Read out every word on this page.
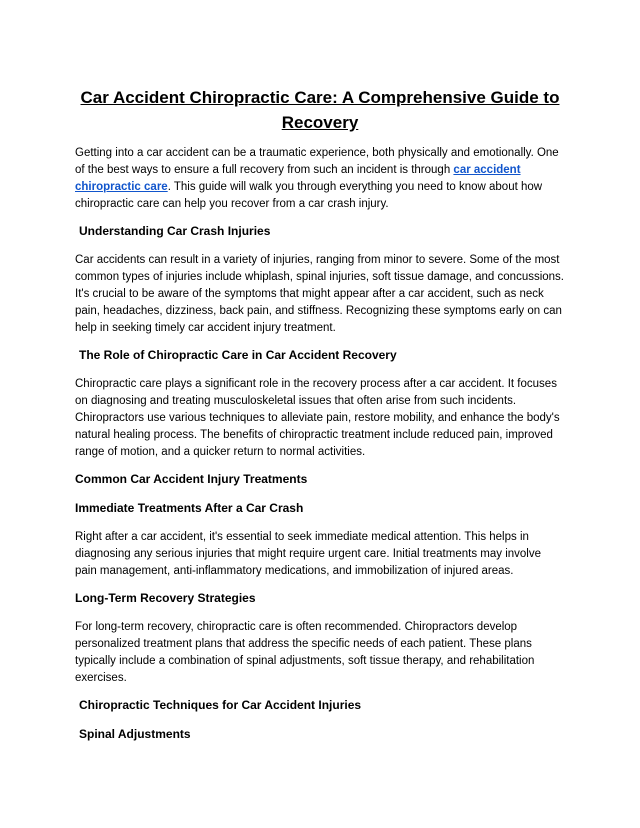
Car Accident Chiropractic Care: A Comprehensive Guide to Recovery

Getting into a car accident can be a traumatic experience, both physically and emotionally. One of the best ways to ensure a full recovery from such an incident is through car accident chiropractic care. This guide will walk you through everything you need to know about how chiropractic care can help you recover from a car crash injury.

Understanding Car Crash Injuries

Car accidents can result in a variety of injuries, ranging from minor to severe. Some of the most common types of injuries include whiplash, spinal injuries, soft tissue damage, and concussions. It's crucial to be aware of the symptoms that might appear after a car accident, such as neck pain, headaches, dizziness, back pain, and stiffness. Recognizing these symptoms early on can help in seeking timely car accident injury treatment.

The Role of Chiropractic Care in Car Accident Recovery

Chiropractic care plays a significant role in the recovery process after a car accident. It focuses on diagnosing and treating musculoskeletal issues that often arise from such incidents. Chiropractors use various techniques to alleviate pain, restore mobility, and enhance the body's natural healing process. The benefits of chiropractic treatment include reduced pain, improved range of motion, and a quicker return to normal activities.

Common Car Accident Injury Treatments
Immediate Treatments After a Car Crash

Right after a car accident, it's essential to seek immediate medical attention. This helps in diagnosing any serious injuries that might require urgent care. Initial treatments may involve pain management, anti-inflammatory medications, and immobilization of injured areas.

Long-Term Recovery Strategies

For long-term recovery, chiropractic care is often recommended. Chiropractors develop personalized treatment plans that address the specific needs of each patient. These plans typically include a combination of spinal adjustments, soft tissue therapy, and rehabilitation exercises.

Chiropractic Techniques for Car Accident Injuries
Spinal Adjustments
